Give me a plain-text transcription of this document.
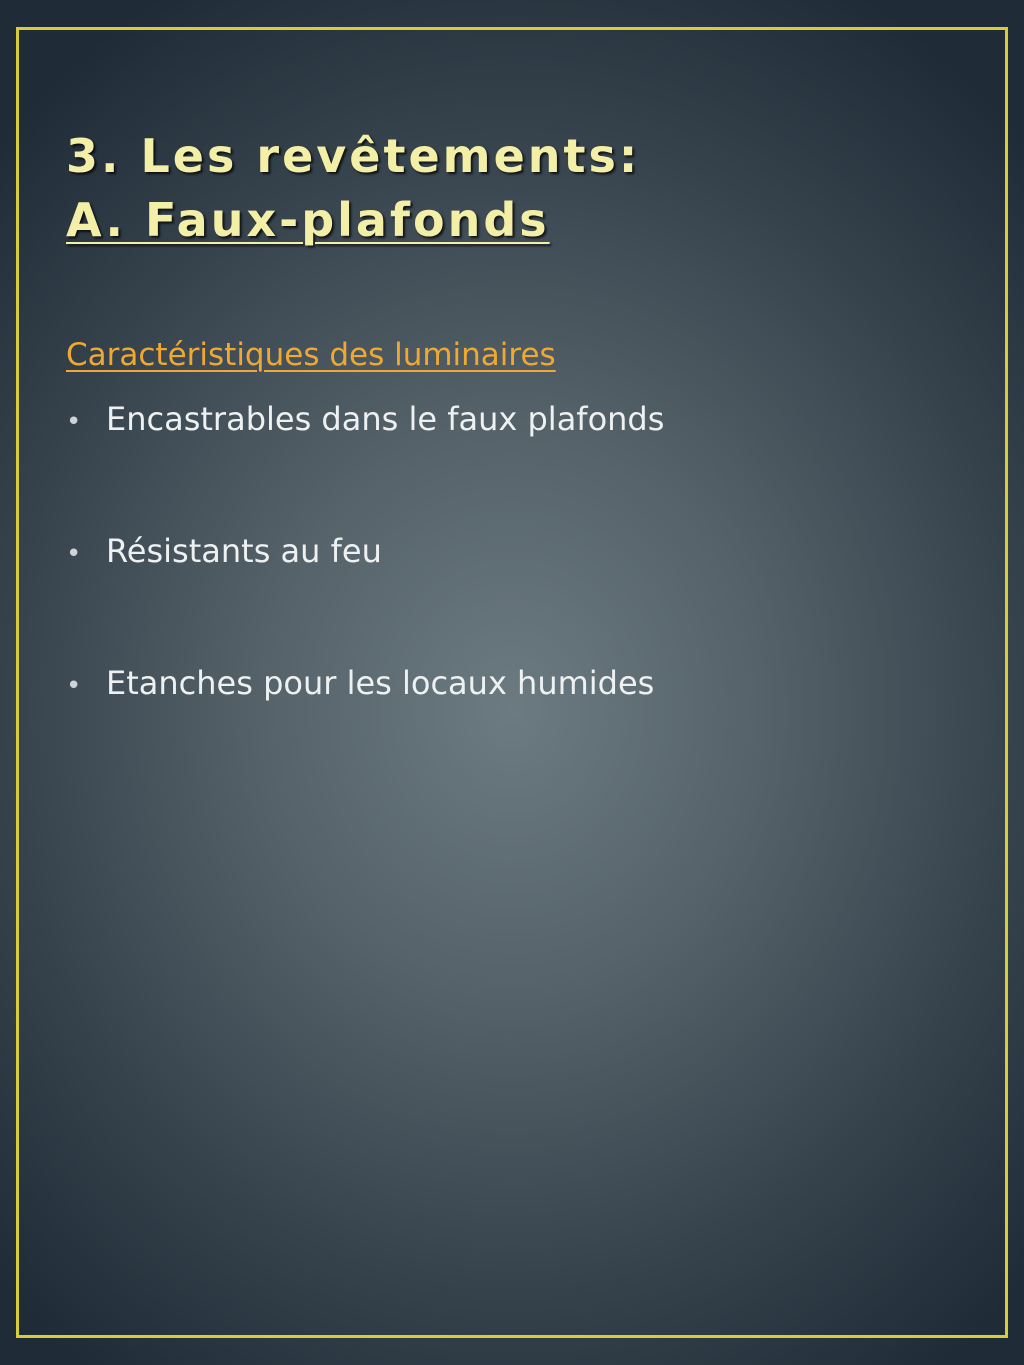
3. Les revêtements:
A. Faux-plafonds

Caractéristiques des luminaires

• Encastrables dans le faux plafonds
• Résistants au feu
• Etanches pour les locaux humides
